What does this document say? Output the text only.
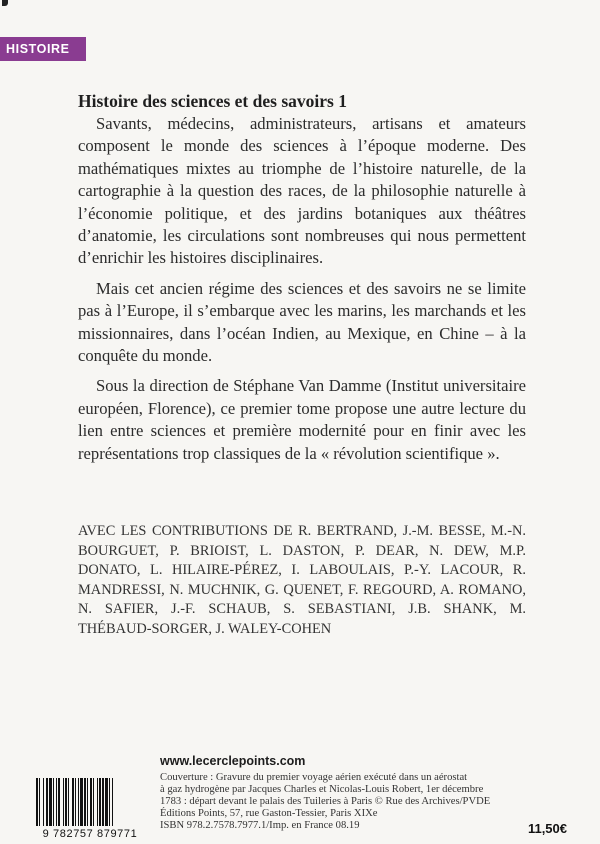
HISTOIRE
Histoire des sciences et des savoirs 1

Savants, médecins, administrateurs, artisans et amateurs composent le monde des sciences à l’époque moderne. Des mathématiques mixtes au triomphe de l’histoire naturelle, de la cartographie à la question des races, de la philosophie naturelle à l’économie politique, et des jardins botaniques aux théâtres d’anatomie, les circulations sont nombreuses qui nous permettent d’enrichir les histoires disciplinaires.

Mais cet ancien régime des sciences et des savoirs ne se limite pas à l’Europe, il s’embarque avec les marins, les marchands et les missionnaires, dans l’océan Indien, au Mexique, en Chine – à la conquête du monde.

Sous la direction de Stéphane Van Damme (Institut universitaire européen, Florence), ce premier tome propose une autre lecture du lien entre sciences et première modernité pour en finir avec les représentations trop classiques de la « révolution scientifique ».

AVEC LES CONTRIBUTIONS DE R. BERTRAND, J.-M. BESSE, M.-N. BOURGUET, P. BRIOIST, L. DASTON, P. DEAR, N. DEW, M.P. DONATO, L. HILAIRE-PÉREZ, I. LABOULAIS, P.-Y. LACOUR, R. MANDRESSI, N. MUCHNIK, G. QUENET, F. REGOURD, A. ROMANO, N. SAFIER, J.-F. SCHAUB, S. SEBASTIANI, J.B. SHANK, M. THÉBAUD-SORGER, J. WALEY-COHEN
www.lecerclepoints.com
9 782757 879771
Couverture : Gravure du premier voyage aérien exécuté dans un aérostat
à gaz hydrogène par Jacques Charles et Nicolas-Louis Robert, 1er décembre
1783 : départ devant le palais des Tuileries à Paris © Rue des Archives/PVDE
Éditions Points, 57, rue Gaston-Tessier, Paris XIXe
ISBN 978.2.7578.7977.1/Imp. en France 08.19	11,50€
